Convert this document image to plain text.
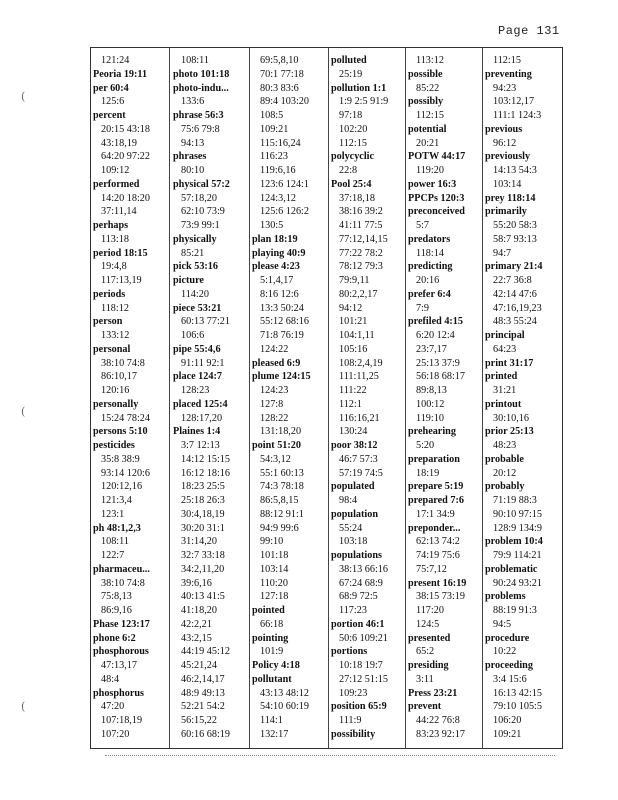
Page 131
(
(
(
121:24
Peoria 19:11
per 60:4
125:6
percent
20:15 43:18
43:18,19
64:20 97:22
109:12
performed
14:20 18:20
37:11,14
perhaps
113:18
period 18:15
19:4,8
117:13,19
periods
118:12
person
133:12
personal
38:10 74:8
86:10,17
120:16
personally
15:24 78:24
persons 5:10
pesticides
35:8 38:9
93:14 120:6
120:12,16
121:3,4
123:1
ph 48:1,2,3
108:11
122:7
pharmaceu...
38:10 74:8
75:8,13
86:9,16
Phase 123:17
phone 6:2
phosphorous
47:13,17
48:4
phosphorus
47:20
107:18,19
107:20
108:11
photo 101:18
photo-indu...
133:6
phrase 56:3
75:6 79:8
94:13
phrases
80:10
physical 57:2
57:18,20
62:10 73:9
73:9 99:1
physically
85:21
pick 53:16
picture
114:20
piece 53:21
60:13 77:21
106:6
pipe 55:4,6
91:11 92:1
place 124:7
128:23
placed 125:4
128:17,20
Plaines 1:4
3:7 12:13
14:12 15:15
16:12 18:16
18:23 25:5
25:18 26:3
30:4,18,19
30:20 31:1
31:14,20
32:7 33:18
34:2,11,20
39:6,16
40:13 41:5
41:18,20
42:2,21
43:2,15
44:19 45:12
45:21,24
46:2,14,17
48:9 49:13
52:21 54:2
56:15,22
60:16 68:19
69:5,8,10
70:1 77:18
80:3 83:6
89:4 103:20
108:5
109:21
115:16,24
116:23
119:6,16
123:6 124:1
124:3,12
125:6 126:2
130:5
plan 18:19
playing 40:9
please 4:23
5:1,4,17
8:16 12:6
13:3 50:24
55:12 68:16
71:8 76:19
124:22
pleased 6:9
plume 124:15
124:23
127:8
128:22
131:18,20
point 51:20
54:3,12
55:1 60:13
74:3 78:18
86:5,8,15
88:12 91:1
94:9 99:6
99:10
101:18
103:14
110:20
127:18
pointed
66:18
pointing
101:9
Policy 4:18
pollutant
43:13 48:12
54:10 60:19
114:1
132:17
polluted
25:19
pollution 1:1
1:9 2:5 91:9
97:18
102:20
112:15
polycyclic
22:8
Pool 25:4
37:18,18
38:16 39:2
41:11 77:5
77:12,14,15
77:22 78:2
78:12 79:3
79:9,11
80:2,2,17
94:12
101:21
104:1,11
105:16
108:2,4,19
111:11,25
111:22
112:1
116:16,21
130:24
poor 38:12
46:7 57:3
57:19 74:5
populated
98:4
population
55:24
103:18
populations
38:13 66:16
67:24 68:9
68:9 72:5
117:23
portion 46:1
50:6 109:21
portions
10:18 19:7
27:12 51:15
109:23
position 65:9
111:9
possibility
113:12
possible
85:22
possibly
112:15
potential
20:21
POTW 44:17
119:20
power 16:3
PPCPs 120:3
preconceived
5:7
predators
118:14
predicting
20:16
prefer 6:4
7:9
prefiled 4:15
6:20 12:4
23:7,17
25:13 37:9
56:18 68:17
89:8,13
100:12
119:10
prehearing
5:20
preparation
18:19
prepare 5:19
prepared 7:6
17:1 34:9
preponder...
62:13 74:2
74:19 75:6
75:7,12
present 16:19
38:15 73:19
117:20
124:5
presented
65:2
presiding
3:11
Press 23:21
prevent
44:22 76:8
83:23 92:17
112:15
preventing
94:23
103:12,17
111:1 124:3
previous
96:12
previously
14:13 54:3
103:14
prey 118:14
primarily
55:20 58:3
58:7 93:13
94:7
primary 21:4
22:7 36:8
42:14 47:6
47:16,19,23
48:3 55:24
principal
64:23
print 31:17
printed
31:21
printout
30:10,16
prior 25:13
48:23
probable
20:12
probably
71:19 88:3
90:10 97:15
128:9 134:9
problem 10:4
79:9 114:21
problematic
90:24 93:21
problems
88:19 91:3
94:5
procedure
10:22
proceeding
3:4 15:6
16:13 42:15
79:10 105:5
106:20
109:21
